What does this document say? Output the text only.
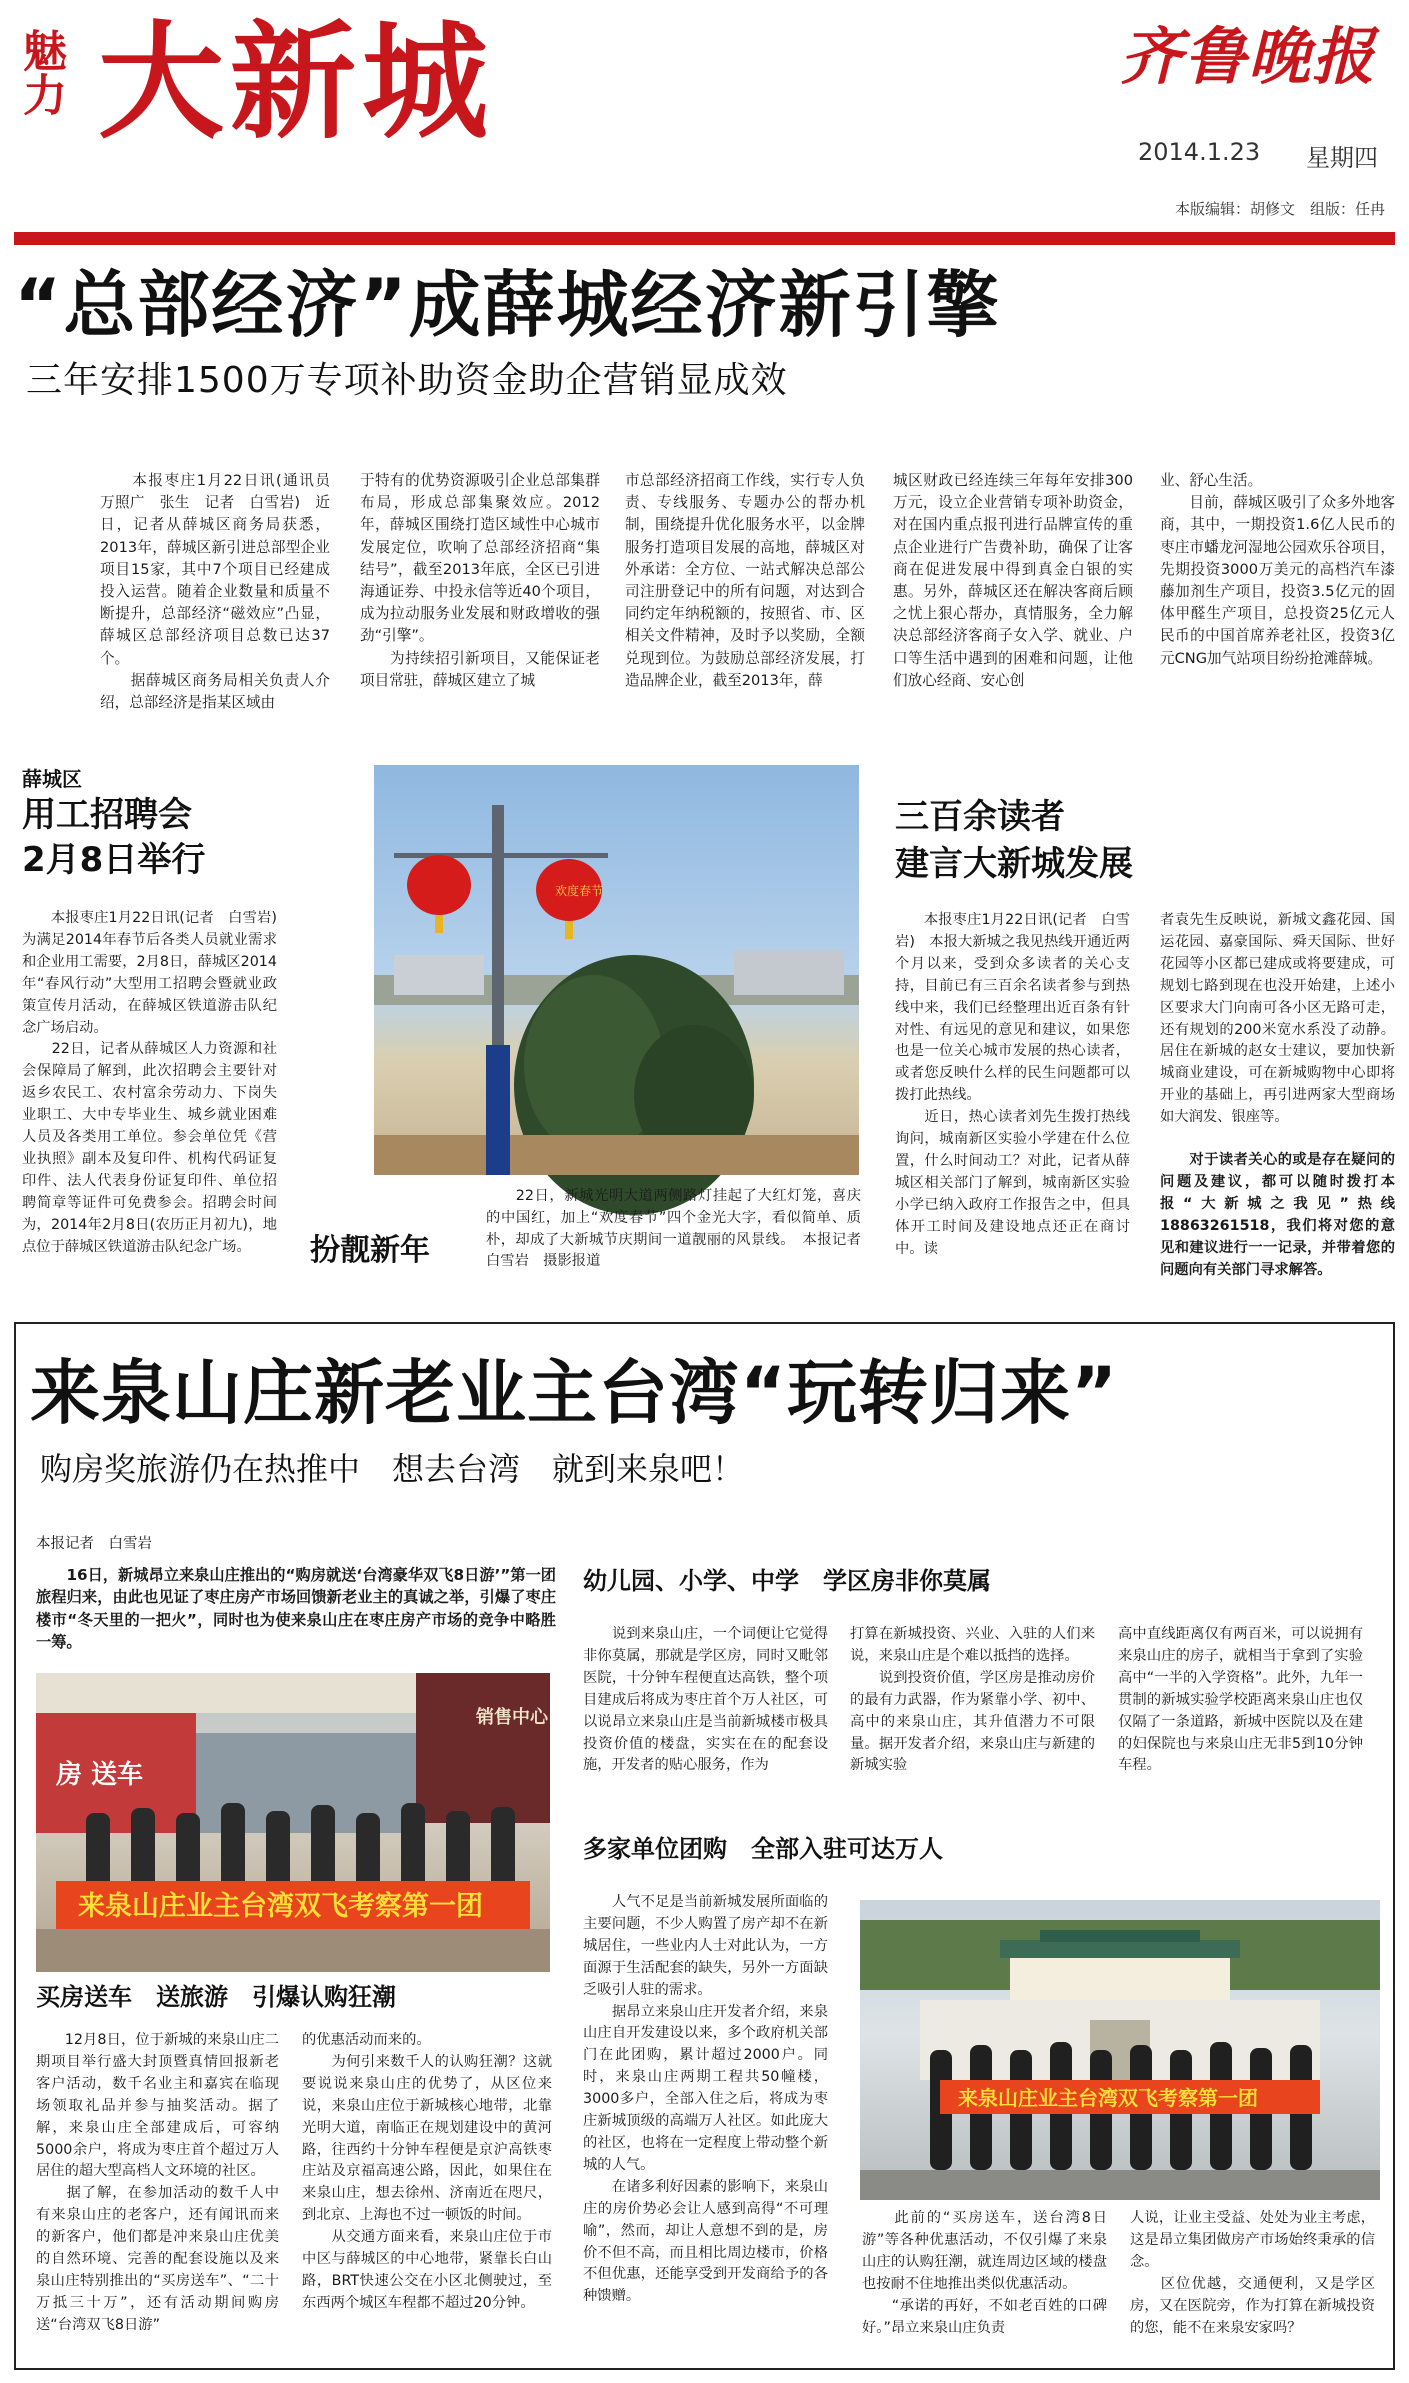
魅力 大新城	齐鲁晚报
2014.1.23 星期四
本版编辑：胡修文　组版：任冉
“总部经济”成薛城经济新引擎
三年安排1500万专项补助资金助企营销显成效
　　本报枣庄1月22日讯(通讯员　万照广　张生　记者　白雪岩)　近日，记者从薛城区商务局获悉，2013年，薛城区新引进总部型企业项目15家，其中7个项目已经建成投入运营。随着企业数量和质量不断提升，总部经济“磁效应”凸显，薛城区总部经济项目总数已达37个。
　　据薛城区商务局相关负责人介绍，总部经济是指某区域由
于特有的优势资源吸引企业总部集群布局，形成总部集聚效应。2012年，薛城区围绕打造区域性中心城市发展定位，吹响了总部经济招商“集结号”，截至2013年底，全区已引进海通证券、中投永信等近40个项目，成为拉动服务业发展和财政增收的强劲“引擎”。
　　为持续招引新项目，又能保证老项目常驻，薛城区建立了城
市总部经济招商工作线，实行专人负责、专线服务、专题办公的帮办机制，围绕提升优化服务水平，以金牌服务打造项目发展的高地，薛城区对外承诺：全方位、一站式解决总部公司注册登记中的所有问题，对达到合同约定年纳税额的，按照省、市、区相关文件精神，及时予以奖励，全额兑现到位。为鼓励总部经济发展，打造品牌企业，截至2013年，薛
城区财政已经连续三年每年安排300万元，设立企业营销专项补助资金，对在国内重点报刊进行品牌宣传的重点企业进行广告费补助，确保了让客商在促进发展中得到真金白银的实惠。另外，薛城区还在解决客商后顾之忧上狠心帮办，真情服务，全力解决总部经济客商子女入学、就业、户口等生活中遇到的困难和问题，让他们放心经商、安心创
业、舒心生活。
　　目前，薛城区吸引了众多外地客商，其中，一期投资1.6亿人民币的枣庄市蟠龙河湿地公园欢乐谷项目，先期投资3000万美元的高档汽车漆藤加剂生产项目，投资3.5亿元的固体甲醛生产项目，总投资25亿元人民币的中国首席养老社区，投资3亿元CNG加气站项目纷纷抢滩薛城。
薛城区
用工招聘会
2月8日举行
　　本报枣庄1月22日讯(记者　白雪岩)　为满足2014年春节后各类人员就业需求和企业用工需要，2月8日，薛城区2014年“春风行动”大型用工招聘会暨就业政策宣传月活动，在薛城区铁道游击队纪念广场启动。
　　22日，记者从薛城区人力资源和社会保障局了解到，此次招聘会主要针对返乡农民工、农村富余劳动力、下岗失业职工、大中专毕业生、城乡就业困难人员及各类用工单位。参会单位凭《营业执照》副本及复印件、机构代码证复印件、法人代表身份证复印件、单位招聘简章等证件可免费参会。招聘会时间为，2014年2月8日(农历正月初九)，地点位于薛城区铁道游击队纪念广场。
欢度春节
扮靓新年
　　22日，新城光明大道两侧路灯挂起了大红灯笼，喜庆的中国红，加上“欢度春节”四个金光大字，看似简单、质朴，却成了大新城节庆期间一道靓丽的风景线。　本报记者　白雪岩　摄影报道
三百余读者
建言大新城发展
　　本报枣庄1月22日讯(记者　白雪岩)　本报大新城之我见热线开通近两个月以来，受到众多读者的关心支持，目前已有三百余名读者参与到热线中来，我们已经整理出近百条有针对性、有远见的意见和建议，如果您也是一位关心城市发展的热心读者，或者您反映什么样的民生问题都可以拨打此热线。
　　近日，热心读者刘先生拨打热线询问，城南新区实验小学建在什么位置，什么时间动工？对此，记者从薛城区相关部门了解到，城南新区实验小学已纳入政府工作报告之中，但具体开工时间及建设地点还正在商讨中。读
者袁先生反映说，新城文鑫花园、国运花园、嘉豪国际、舜天国际、世好花园等小区都已建成或将要建成，可规划七路到现在也没开始建，上述小区要求大门向南可各小区无路可走，还有规划的200米宽水系没了动静。居住在新城的赵女士建议，要加快新城商业建设，可在新城购物中心即将开业的基础上，再引进两家大型商场如大润发、银座等。
　　对于读者关心的或是存在疑问的问题及建议，都可以随时拨打本报“大新城之我见”热线18863261518，我们将对您的意见和建议进行一一记录，并带着您的问题向有关部门寻求解答。
来泉山庄新老业主台湾“玩转归来”
购房奖旅游仍在热推中　想去台湾　就到来泉吧！
本报记者　白雪岩
　　16日，新城昂立来泉山庄推出的“购房就送‘台湾豪华双飞8日游’”第一团旅程归来，由此也见证了枣庄房产市场回馈新老业主的真诚之举，引爆了枣庄楼市“冬天里的一把火”，同时也为使来泉山庄在枣庄房产市场的竞争中略胜一筹。
销售中心
房 送车
来泉山庄业主台湾双飞考察第一团
买房送车　送旅游　引爆认购狂潮
　　12月8日，位于新城的来泉山庄二期项目举行盛大封顶暨真情回报新老客户活动，数千名业主和嘉宾在临现场领取礼品并参与抽奖活动。据了解，来泉山庄全部建成后，可容纳5000余户，将成为枣庄首个超过万人居住的超大型高档人文环境的社区。
　　据了解，在参加活动的数千人中有来泉山庄的老客户，还有闻讯而来的新客户，他们都是冲来泉山庄优美的自然环境、完善的配套设施以及来泉山庄特别推出的“买房送车”、“二十万抵三十万”，还有活动期间购房送“台湾双飞8日游”
的优惠活动而来的。
　　为何引来数千人的认购狂潮？这就要说说来泉山庄的优势了，从区位来说，来泉山庄位于新城核心地带，北靠光明大道，南临正在规划建设中的黄河路，往西约十分钟车程便是京沪高铁枣庄站及京福高速公路，因此，如果住在来泉山庄，想去徐州、济南近在咫尺，到北京、上海也不过一顿饭的时间。
　　从交通方面来看，来泉山庄位于市中区与薛城区的中心地带，紧靠长白山路，BRT快速公交在小区北侧驶过，至东西两个城区车程都不超过20分钟。
幼儿园、小学、中学　学区房非你莫属
　　说到来泉山庄，一个词便让它觉得非你莫属，那就是学区房，同时又毗邻医院，十分钟车程便直达高铁，整个项目建成后将成为枣庄首个万人社区，可以说昂立来泉山庄是当前新城楼市极具投资价值的楼盘，实实在在的配套设施，开发者的贴心服务，作为
打算在新城投资、兴业、入驻的人们来说，来泉山庄是个难以抵挡的选择。
　　说到投资价值，学区房是推动房价的最有力武器，作为紧靠小学、初中、高中的来泉山庄，其升值潜力不可限量。据开发者介绍，来泉山庄与新建的新城实验
高中直线距离仅有两百米，可以说拥有来泉山庄的房子，就相当于拿到了实验高中“一半的入学资格”。此外，九年一贯制的新城实验学校距离来泉山庄也仅仅隔了一条道路，新城中医院以及在建的妇保院也与来泉山庄无非5到10分钟车程。
多家单位团购　全部入驻可达万人
　　人气不足是当前新城发展所面临的主要问题，不少人购置了房产却不在新城居住，一些业内人士对此认为，一方面源于生活配套的缺失，另外一方面缺乏吸引人驻的需求。
　　据昂立来泉山庄开发者介绍，来泉山庄自开发建设以来，多个政府机关部门在此团购，累计超过2000户。同时，来泉山庄两期工程共50幢楼，3000多户，全部入住之后，将成为枣庄新城顶级的高端万人社区。如此庞大的社区，也将在一定程度上带动整个新城的人气。
　　在诸多利好因素的影响下，来泉山庄的房价势必会让人感到高得“不可理喻”，然而，却让人意想不到的是，房价不但不高，而且相比周边楼市，价格不但优惠，还能享受到开发商给予的各种馈赠。
来泉山庄业主台湾双飞考察第一团
　　此前的“买房送车，送台湾8日游”等各种优惠活动，不仅引爆了来泉山庄的认购狂潮，就连周边区域的楼盘也按耐不住地推出类似优惠活动。
　　“承诺的再好，不如老百姓的口碑好。”昂立来泉山庄负责
人说，让业主受益、处处为业主考虑，这是昂立集团做房产市场始终秉承的信念。
　　区位优越，交通便利，又是学区房，又在医院旁，作为打算在新城投资的您，能不在来泉安家吗？
